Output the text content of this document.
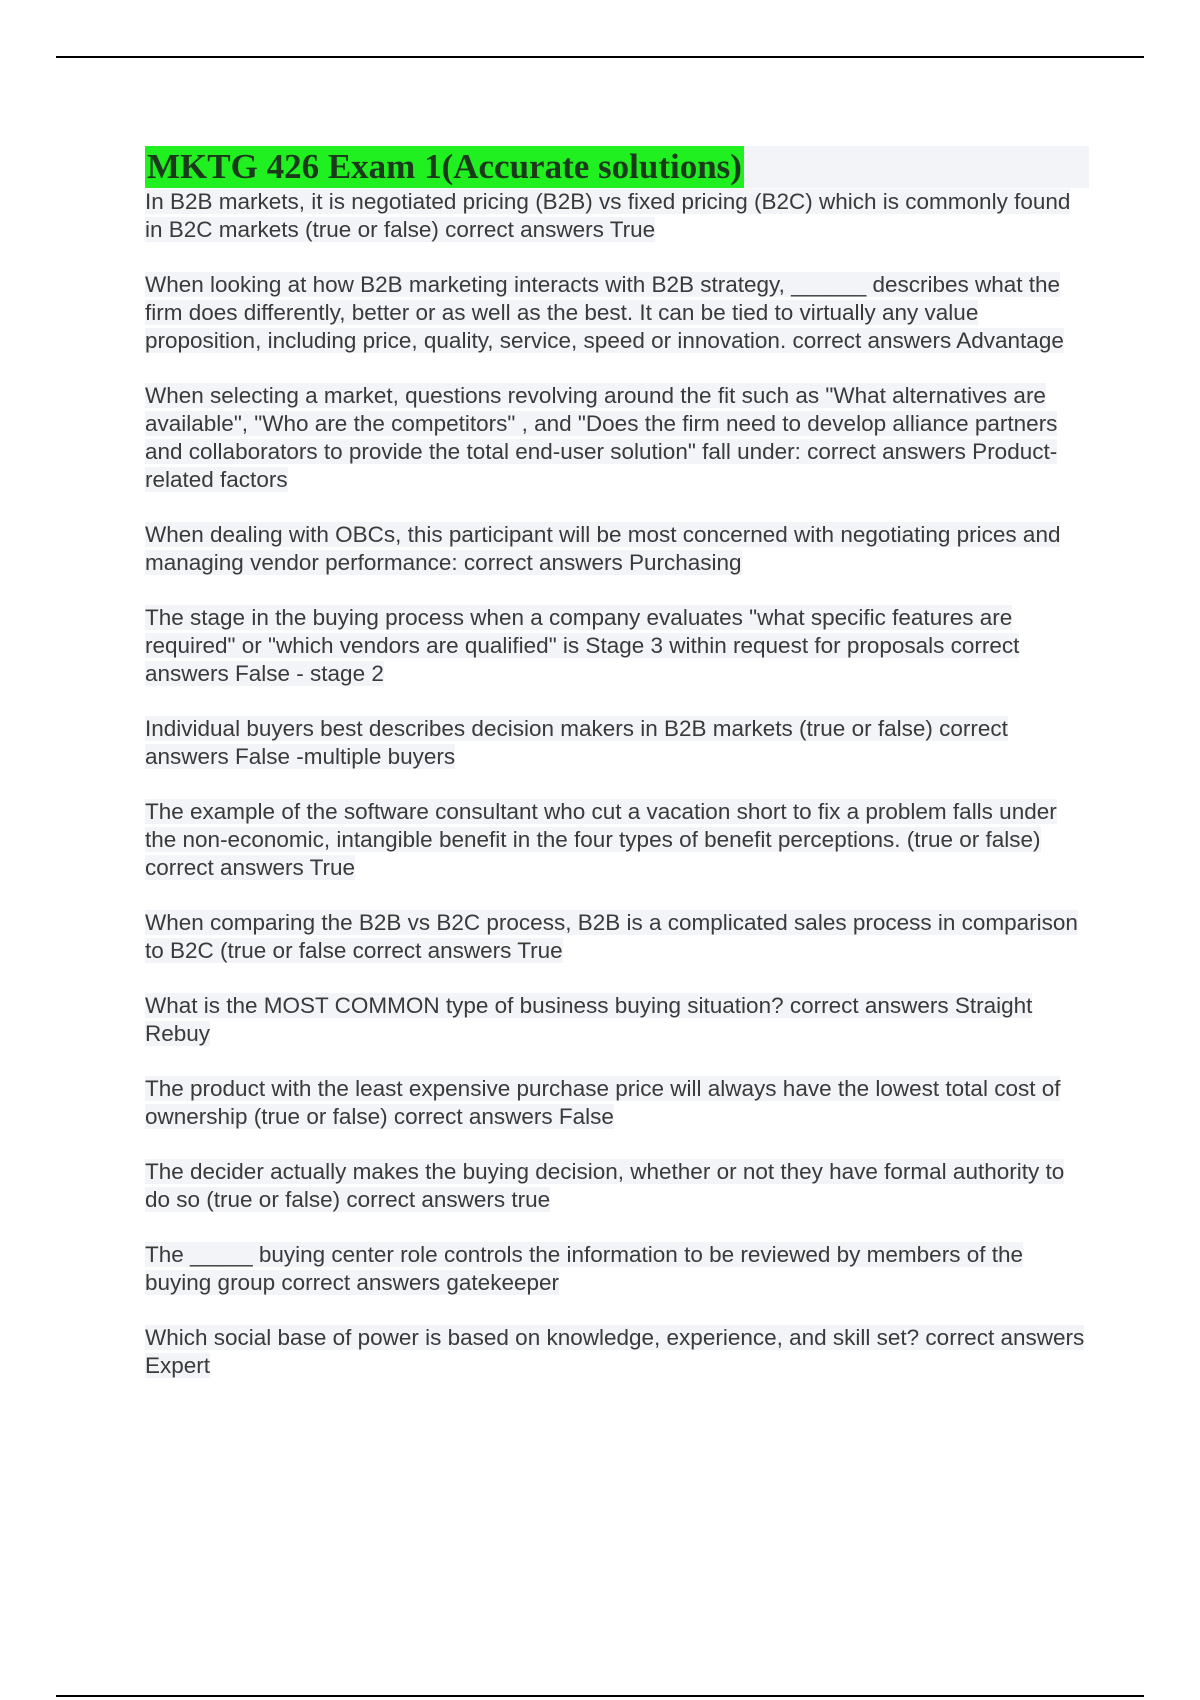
MKTG 426 Exam 1(Accurate solutions)

In B2B markets, it is negotiated pricing (B2B) vs fixed pricing (B2C) which is commonly found in B2C markets (true or false) correct answers True

When looking at how B2B marketing interacts with B2B strategy, ______ describes what the firm does differently, better or as well as the best. It can be tied to virtually any value proposition, including price, quality, service, speed or innovation. correct answers Advantage

When selecting a market, questions revolving around the fit such as "What alternatives are available", "Who are the competitors" , and "Does the firm need to develop alliance partners and collaborators to provide the total end-user solution" fall under: correct answers Product-related factors

When dealing with OBCs, this participant will be most concerned with negotiating prices and managing vendor performance: correct answers Purchasing

The stage in the buying process when a company evaluates "what specific features are required" or "which vendors are qualified" is Stage 3 within request for proposals correct answers False - stage 2

Individual buyers best describes decision makers in B2B markets (true or false) correct answers False -multiple buyers

The example of the software consultant who cut a vacation short to fix a problem falls under the non-economic, intangible benefit in the four types of benefit perceptions. (true or false) correct answers True

When comparing the B2B vs B2C process, B2B is a complicated sales process in comparison to B2C (true or false correct answers True

What is the MOST COMMON type of business buying situation? correct answers Straight Rebuy

The product with the least expensive purchase price will always have the lowest total cost of ownership (true or false) correct answers False

The decider actually makes the buying decision, whether or not they have formal authority to do so (true or false) correct answers true

The _____ buying center role controls the information to be reviewed by members of the buying group correct answers gatekeeper

Which social base of power is based on knowledge, experience, and skill set? correct answers Expert
